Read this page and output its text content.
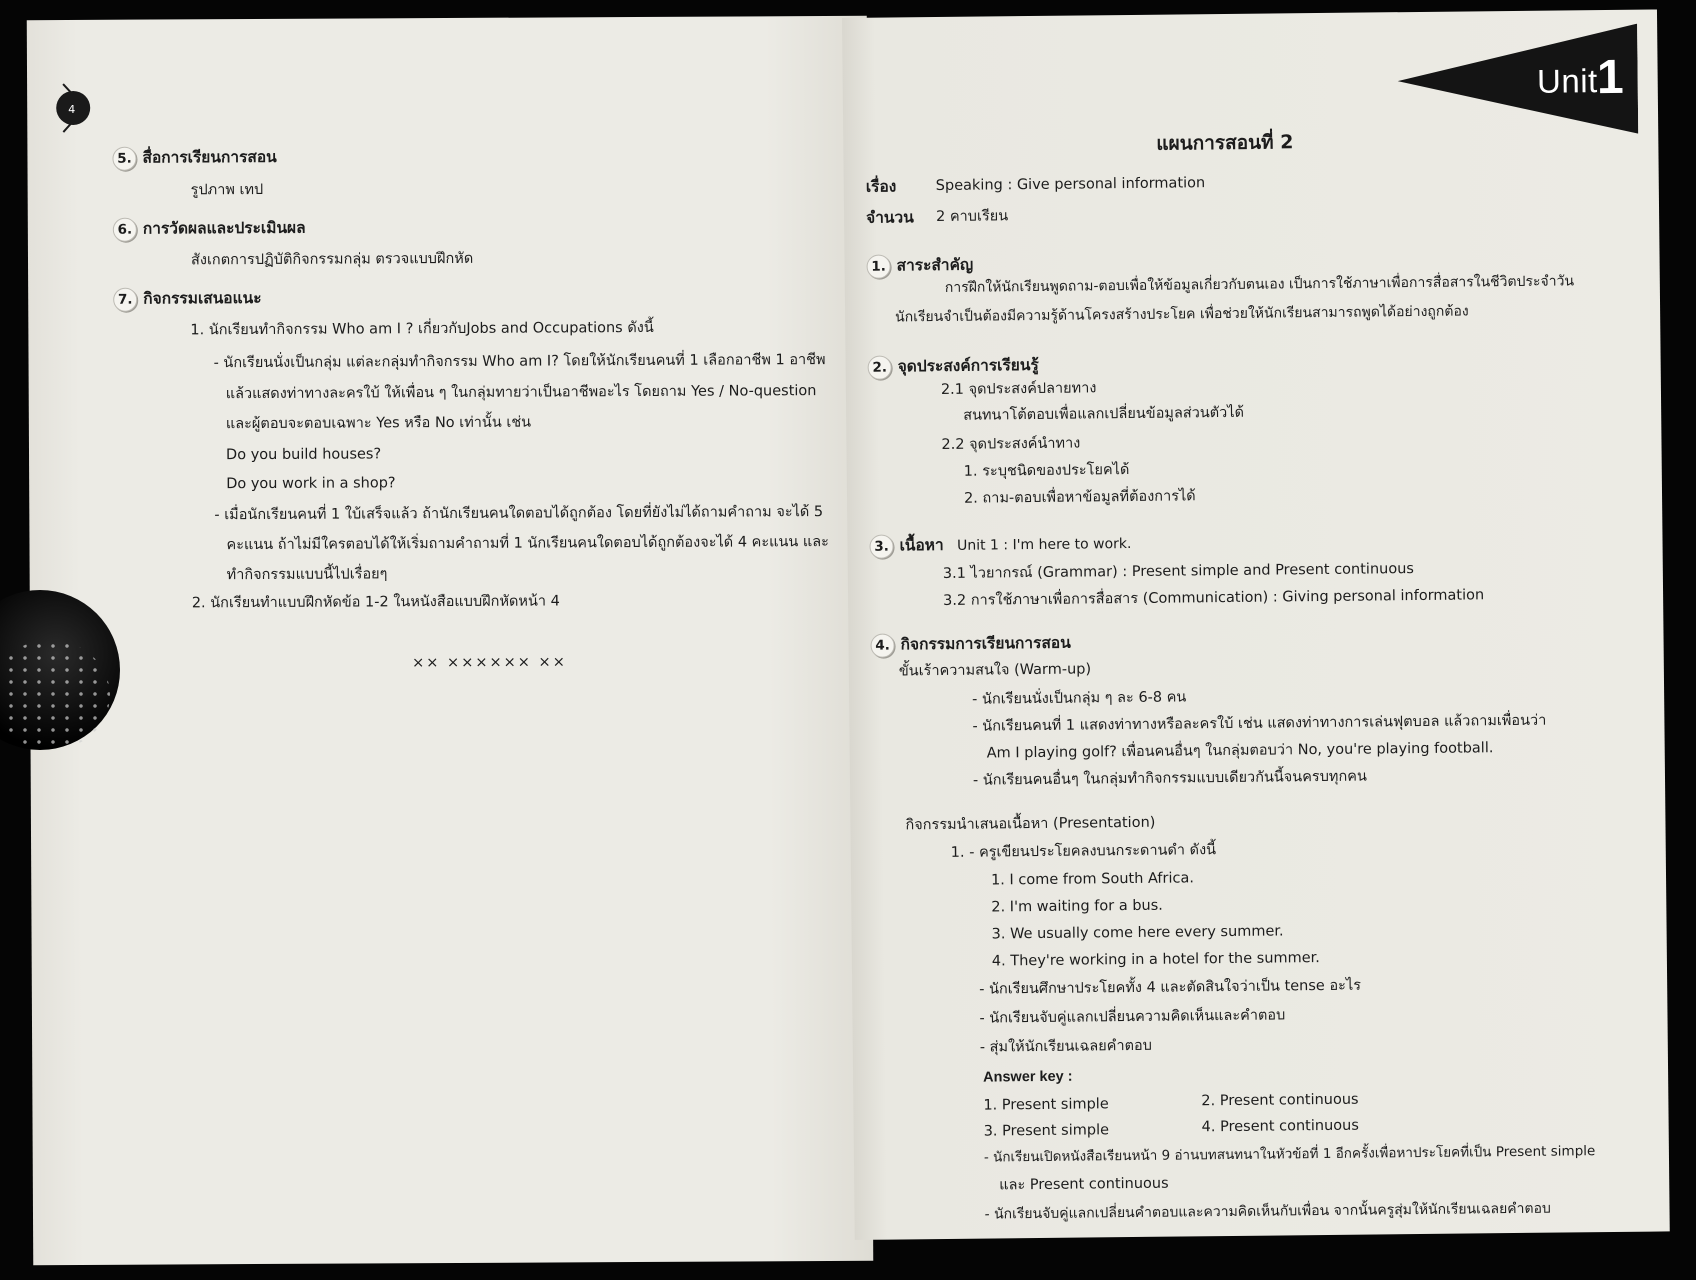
4
5. สื่อการเรียนการสอน
รูปภาพ เทป
6. การวัดผลและประเมินผล
สังเกตการปฏิบัติกิจกรรมกลุ่ม ตรวจแบบฝึกหัด
7. กิจกรรมเสนอแนะ
1. นักเรียนทำกิจกรรม Who am I ? เกี่ยวกับJobs and Occupations ดังนี้
- นักเรียนนั่งเป็นกลุ่ม แต่ละกลุ่มทำกิจกรรม Who am I? โดยให้นักเรียนคนที่ 1 เลือกอาชีพ 1 อาชีพ
แล้วแสดงท่าทางละครใบ้ ให้เพื่อน ๆ ในกลุ่มทายว่าเป็นอาชีพอะไร โดยถาม Yes / No-question
และผู้ตอบจะตอบเฉพาะ Yes หรือ No เท่านั้น เช่น
Do you build houses?
Do you work in a shop?
- เมื่อนักเรียนคนที่ 1 ใบ้เสร็จแล้ว ถ้านักเรียนคนใดตอบได้ถูกต้อง โดยที่ยังไม่ได้ถามคำถาม จะได้ 5
คะแนน ถ้าไม่มีใครตอบได้ให้เริ่มถามคำถามที่ 1 นักเรียนคนใดตอบได้ถูกต้องจะได้ 4 คะแนน และ
ทำกิจกรรมแบบนี้ไปเรื่อยๆ
2. นักเรียนทำแบบฝึกหัดข้อ 1-2 ในหนังสือแบบฝึกหัดหน้า 4
×× ×××××× ××
Unit
1
แผนการสอนที่ 2
เรื่อง	Speaking : Give personal information
จำนวน 2 คาบเรียน
1. สาระสำคัญ
การฝึกให้นักเรียนพูดถาม-ตอบเพื่อให้ข้อมูลเกี่ยวกับตนเอง เป็นการใช้ภาษาเพื่อการสื่อสารในชีวิตประจำวัน
นักเรียนจำเป็นต้องมีความรู้ด้านโครงสร้างประโยค เพื่อช่วยให้นักเรียนสามารถพูดได้อย่างถูกต้อง
2. จุดประสงค์การเรียนรู้
2.1 จุดประสงค์ปลายทาง
สนทนาโต้ตอบเพื่อแลกเปลี่ยนข้อมูลส่วนตัวได้
2.2 จุดประสงค์นำทาง
1. ระบุชนิดของประโยคได้
2. ถาม-ตอบเพื่อหาข้อมูลที่ต้องการได้
3. เนื้อหา Unit 1 : I'm here to work.
3.1 ไวยากรณ์ (Grammar) : Present simple and Present continuous
3.2 การใช้ภาษาเพื่อการสื่อสาร (Communication) : Giving personal information
4. กิจกรรมการเรียนการสอน
ขั้นเร้าความสนใจ (Warm-up)
- นักเรียนนั่งเป็นกลุ่ม ๆ ละ 6-8 คน
- นักเรียนคนที่ 1 แสดงท่าทางหรือละครใบ้ เช่น แสดงท่าทางการเล่นฟุตบอล แล้วถามเพื่อนว่า
Am I playing golf? เพื่อนคนอื่นๆ ในกลุ่มตอบว่า No, you're playing football.
- นักเรียนคนอื่นๆ ในกลุ่มทำกิจกรรมแบบเดียวกันนี้จนครบทุกคน
กิจกรรมนำเสนอเนื้อหา (Presentation)
1. - ครูเขียนประโยคลงบนกระดานดำ ดังนี้
1. I come from South Africa.
2. I'm waiting for a bus.
3. We usually come here every summer.
4. They're working in a hotel for the summer.
- นักเรียนศึกษาประโยคทั้ง 4 และตัดสินใจว่าเป็น tense อะไร
- นักเรียนจับคู่แลกเปลี่ยนความคิดเห็นและคำตอบ
- สุ่มให้นักเรียนเฉลยคำตอบ
Answer key :
1. Present simple	2. Present continuous
3. Present simple	4. Present continuous
- นักเรียนเปิดหนังสือเรียนหน้า 9 อ่านบทสนทนาในหัวข้อที่ 1 อีกครั้งเพื่อหาประโยคที่เป็น Present simple
และ Present continuous
- นักเรียนจับคู่แลกเปลี่ยนคำตอบและความคิดเห็นกับเพื่อน จากนั้นครูสุ่มให้นักเรียนเฉลยคำตอบ
